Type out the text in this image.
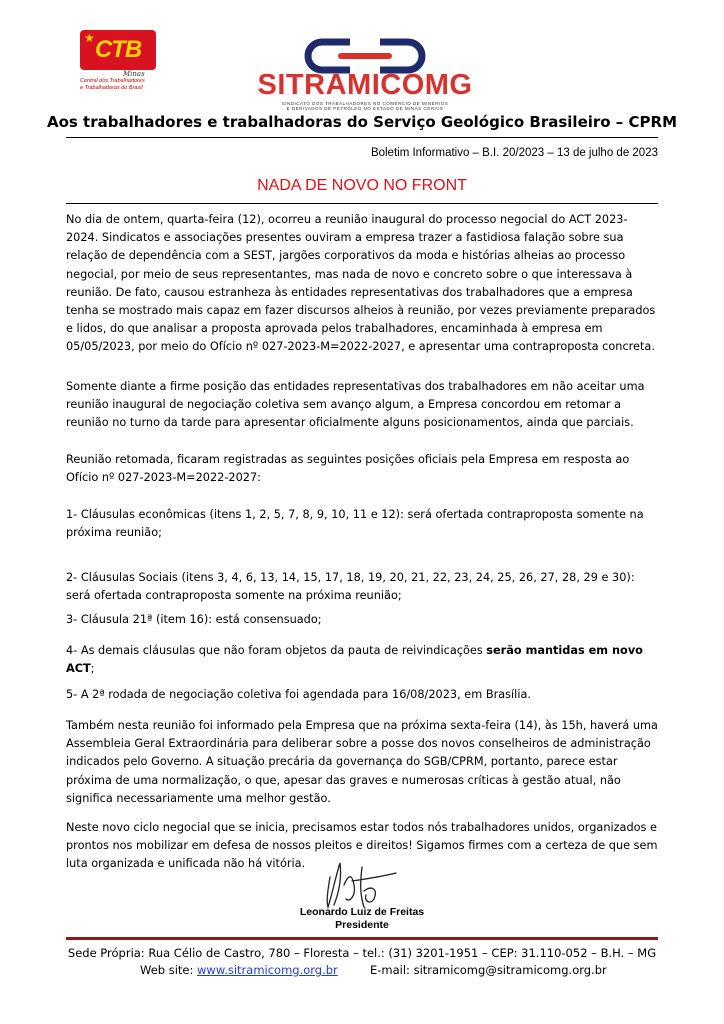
★ CTB
Minas
Central dos Trabalhadores
e Trabalhadoras do Brasil	SITRAMICOMG
SINDICATO DOS TRABALHADORES NO COMÉRCIO DE MINÉRIOS
E DERIVADOS DE PETRÓLEO NO ESTADO DE MINAS GERAIS
Aos trabalhadores e trabalhadoras do Serviço Geológico Brasileiro – CPRM
Boletim Informativo – B.I. 20/2023 – 13 de julho de 2023
NADA DE NOVO NO FRONT

No dia de ontem, quarta-feira (12), ocorreu a reunião inaugural do processo negocial do ACT 2023-2024. Sindicatos e associações presentes ouviram a empresa trazer a fastidiosa falação sobre sua relação de dependência com a SEST, jargões corporativos da moda e histórias alheias ao processo negocial, por meio de seus representantes, mas nada de novo e concreto sobre o que interessava à reunião. De fato, causou estranheza às entidades representativas dos trabalhadores que a empresa tenha se mostrado mais capaz em fazer discursos alheios à reunião, por vezes previamente preparados e lidos, do que analisar a proposta aprovada pelos trabalhadores, encaminhada à empresa em 05/05/2023, por meio do Ofício nº 027-2023-M=2022-2027, e apresentar uma contraproposta concreta.

Somente diante a firme posição das entidades representativas dos trabalhadores em não aceitar uma reunião inaugural de negociação coletiva sem avanço algum, a Empresa concordou em retomar a reunião no turno da tarde para apresentar oficialmente alguns posicionamentos, ainda que parciais.

Reunião retomada, ficaram registradas as seguintes posições oficiais pela Empresa em resposta ao Ofício nº 027-2023-M=2022-2027:

1- Cláusulas econômicas (itens 1, 2, 5, 7, 8, 9, 10, 11 e 12): será ofertada contraproposta somente na próxima reunião;

2- Cláusulas Sociais (itens 3, 4, 6, 13, 14, 15, 17, 18, 19, 20, 21, 22, 23, 24, 25, 26, 27, 28, 29 e 30): será ofertada contraproposta somente na próxima reunião;

3- Cláusula 21ª (item 16): está consensuado;

4- As demais cláusulas que não foram objetos da pauta de reivindicações serão mantidas em novo ACT;

5- A 2ª rodada de negociação coletiva foi agendada para 16/08/2023, em Brasília.

Também nesta reunião foi informado pela Empresa que na próxima sexta-feira (14), às 15h, haverá uma Assembleia Geral Extraordinária para deliberar sobre a posse dos novos conselheiros de administração indicados pelo Governo. A situação precária da governança do SGB/CPRM, portanto, parece estar próxima de uma normalização, o que, apesar das graves e numerosas críticas à gestão atual, não significa necessariamente uma melhor gestão.

Neste novo ciclo negocial que se inicia, precisamos estar todos nós trabalhadores unidos, organizados e prontos nos mobilizar em defesa de nossos pleitos e direitos! Sigamos firmes com a certeza de que sem luta organizada e unificada não há vitória.

Leonardo Luiz de Freitas
Presidente
Sede Própria: Rua Célio de Castro, 780 – Floresta – tel.: (31) 3201-1951 – CEP: 31.110-052 – B.H. – MG
Web site: www.sitramicomg.org.br	E-mail: sitramicomg@sitramicomg.org.br
